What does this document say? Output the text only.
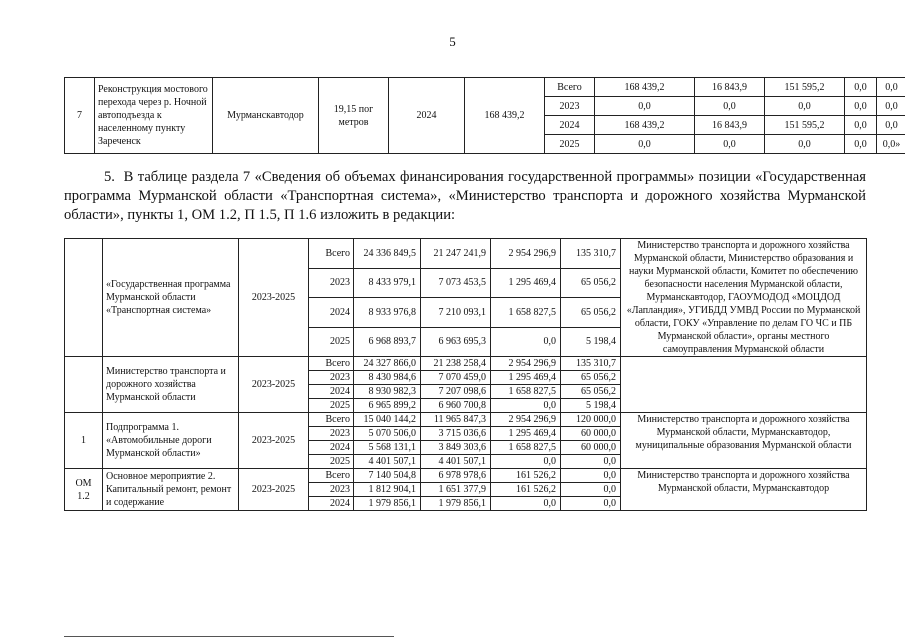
5
7	Реконструкция мостового перехода через р. Ночной автоподъезда к населенному пункту Зареченск	Мурманскавтодор	19,15 пог метров	2024	168 439,2	Всего	168 439,2	16 843,9	151 595,2	0,0	0,0
						2023	0,0	0,0	0,0	0,0	0,0
						2024	168 439,2	16 843,9	151 595,2	0,0	0,0
						2025	0,0	0,0	0,0	0,0	0,0»
5.  В таблице раздела 7 «Сведения об объемах финансирования государственной программы» позиции «Государственная программа Мурманской области «Транспортная система», «Министерство транспорта и дорожного хозяйства Мурманской области», пункты 1, ОМ 1.2, П 1.5, П 1.6 изложить в редакции:
	«Государственная программа Мурманской области «Транспортная система»	2023-2025	Всего	24 336 849,5	21 247 241,9	2 954 296,9	135 310,7	Министерство транспорта и дорожного хозяйства Мурманской области, Министерство образования и науки Мурманской области, Комитет по обеспечению безопасности населения Мурманской области, Мурманскавтодор, ГАОУМОДОД «МОЦДОД «Лапландия», УГИБДД УМВД России по Мурманской области, ГОКУ «Управление по делам ГО ЧС и ПБ Мурманской области», органы местного самоуправления Мурманской области
			2023	8 433 979,1	7 073 453,5	1 295 469,4	65 056,2	
			2024	8 933 976,8	7 210 093,1	1 658 827,5	65 056,2	
			2025	6 968 893,7	6 963 695,3	0,0	5 198,4	
	Министерство транспорта и дорожного хозяйства Мурманской области	2023-2025	Всего	24 327 866,0	21 238 258,4	2 954 296,9	135 310,7	
			2023	8 430 984,6	7 070 459,0	1 295 469,4	65 056,2	
			2024	8 930 982,3	7 207 098,6	1 658 827,5	65 056,2	
			2025	6 965 899,2	6 960 700,8	0,0	5 198,4	
1	Подпрограмма 1. «Автомобильные дороги Мурманской области»	2023-2025	Всего	15 040 144,2	11 965 847,3	2 954 296,9	120 000,0	Министерство транспорта и дорожного хозяйства Мурманской области, Мурманскавтодор, муниципальные образования Мурманской области
			2023	5 070 506,0	3 715 036,6	1 295 469,4	60 000,0	
			2024	5 568 131,1	3 849 303,6	1 658 827,5	60 000,0	
			2025	4 401 507,1	4 401 507,1	0,0	0,0	
ОМ 1.2	Основное мероприятие 2. Капитальный ремонт, ремонт и содержание	2023-2025	Всего	7 140 504,8	6 978 978,6	161 526,2	0,0	Министерство транспорта и дорожного хозяйства Мурманской области, Мурманскавтодор
			2023	1 812 904,1	1 651 377,9	161 526,2	0,0	
			2024	1 979 856,1	1 979 856,1	0,0	0,0	
